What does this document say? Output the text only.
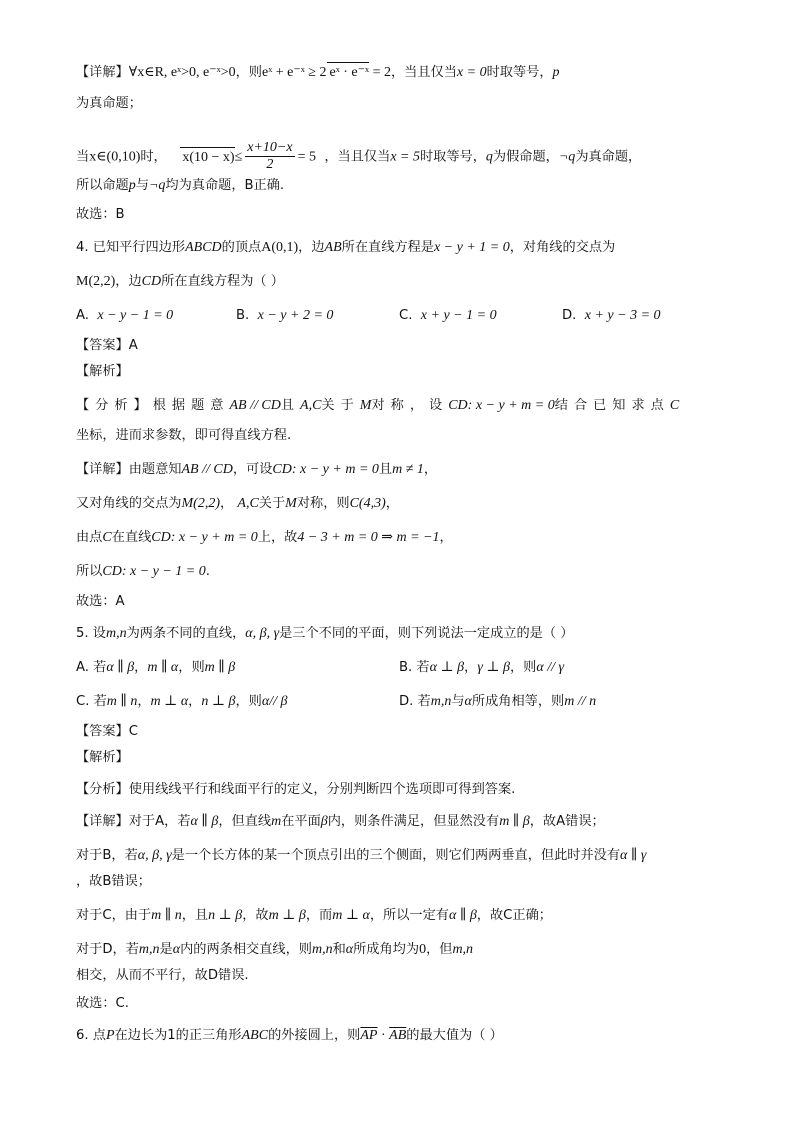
【详解】∀x∈R, eˣ>0, e⁻ˣ>0，则eˣ + e⁻ˣ ≥ 2 eˣ · e⁻ˣ = 2，当且仅当x = 0时取等号，p
为真命题；
当x∈(0,10)时， $x(10 - x)\le \frac{x+10-x}{2} = 5$ ，当且仅当x = 5时取等号，q为假命题，¬q为真命题，
所以命题p与¬q均为真命题，B正确.
故选：B
4. 已知平行四边形ABCD的顶点A(0,1)，边AB所在直线方程是x − y + 1 = 0，对角线的交点为
M(2,2)，边CD所在直线方程为（ ）
A. x − y − 1 = 0	B. x − y + 2 = 0	C. x + y − 1 = 0	D. x + y − 3 = 0
【答案】A
【解析】
【分析】根据题意AB // CD且A,C关于M对称，设CD: x − y + m = 0结合已知求点C
坐标，进而求参数，即可得直线方程.
【详解】由题意知AB // CD，可设CD: x − y + m = 0且m ≠ 1，
又对角线的交点为M(2,2)， A,C关于M对称，则C(4,3)，
由点C在直线CD: x − y + m = 0上，故4 − 3 + m = 0 ⇒ m = −1，
所以CD: x − y − 1 = 0.
故选：A
5. 设m,n为两条不同的直线，α, β, γ是三个不同的平面，则下列说法一定成立的是（ ）
A. 若α ∥ β，m ∥ α，则m ∥ β	B. 若α ⊥ β，γ ⊥ β，则α // γ
C. 若m ∥ n，m ⊥ α，n ⊥ β，则α// β	D. 若m,n与α所成角相等，则m // n
【答案】C
【解析】
【分析】使用线线平行和线面平行的定义，分别判断四个选项即可得到答案.
【详解】对于A，若α ∥ β，但直线m在平面β内，则条件满足，但显然没有m ∥ β，故A错误；
对于B，若α, β, γ是一个长方体的某一个顶点引出的三个侧面，则它们两两垂直，但此时并没有α ∥ γ
，故B错误；
对于C，由于m ∥ n，且n ⊥ β，故m ⊥ β，而m ⊥ α，所以一定有α ∥ β，故C正确；
对于D，若m,n是α内的两条相交直线，则m,n和α所成角均为0，但m,n
相交，从而不平行，故D错误.
故选：C.
6. 点P在边长为1的正三角形ABC的外接圆上，则$\overline{AP} \cdot \overline{AB}$的最大值为（ ）
